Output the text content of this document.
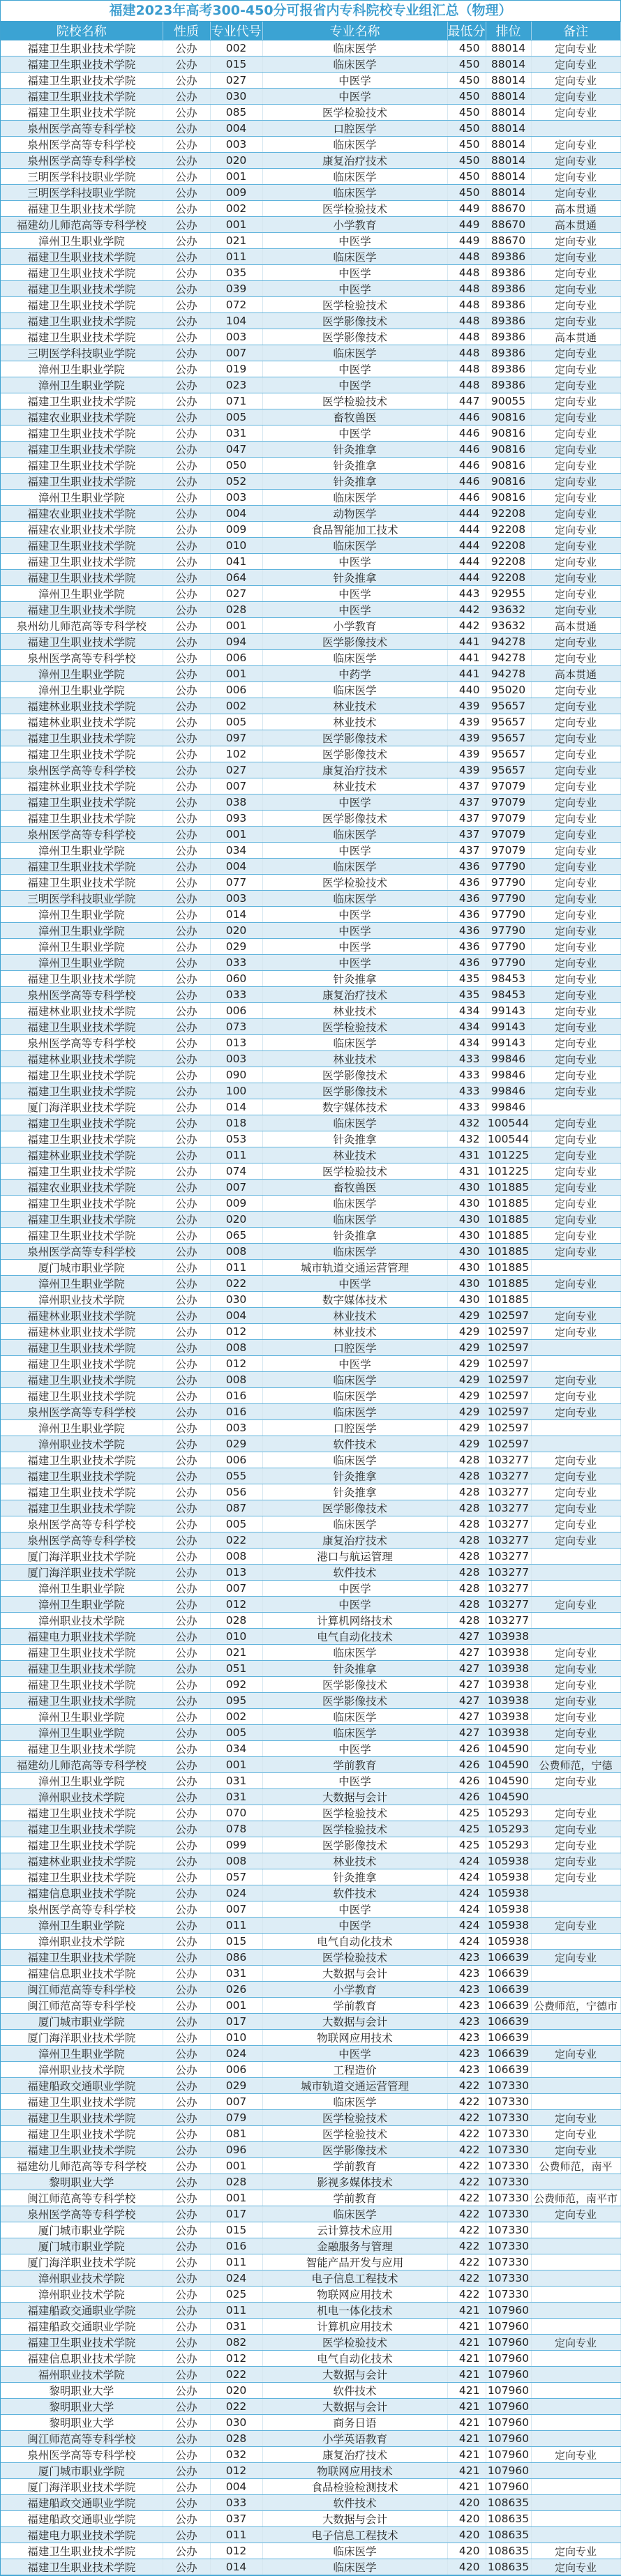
福建2023年高考300-450分可报省内专科院校专业组汇总（物理）
院校名称	性质	专业代号	专业名称	最低分	排位	备注
福建卫生职业技术学院	公办	002	临床医学	450	88014	定向专业
福建卫生职业技术学院	公办	015	临床医学	450	88014	定向专业
福建卫生职业技术学院	公办	027	中医学	450	88014	定向专业
福建卫生职业技术学院	公办	030	中医学	450	88014	定向专业
福建卫生职业技术学院	公办	085	医学检验技术	450	88014	定向专业
泉州医学高等专科学校	公办	004	口腔医学	450	88014	
泉州医学高等专科学校	公办	003	临床医学	450	88014	定向专业
泉州医学高等专科学校	公办	020	康复治疗技术	450	88014	定向专业
三明医学科技职业学院	公办	001	临床医学	450	88014	定向专业
三明医学科技职业学院	公办	009	临床医学	450	88014	定向专业
福建卫生职业技术学院	公办	002	医学检验技术	449	88670	高本贯通
福建幼儿师范高等专科学校	公办	001	小学教育	449	88670	高本贯通
漳州卫生职业学院	公办	021	中医学	449	88670	定向专业
福建卫生职业技术学院	公办	011	临床医学	448	89386	定向专业
福建卫生职业技术学院	公办	035	中医学	448	89386	定向专业
福建卫生职业技术学院	公办	039	中医学	448	89386	定向专业
福建卫生职业技术学院	公办	072	医学检验技术	448	89386	定向专业
福建卫生职业技术学院	公办	104	医学影像技术	448	89386	定向专业
福建卫生职业技术学院	公办	003	医学影像技术	448	89386	高本贯通
三明医学科技职业学院	公办	007	临床医学	448	89386	定向专业
漳州卫生职业学院	公办	019	中医学	448	89386	定向专业
漳州卫生职业学院	公办	023	中医学	448	89386	定向专业
福建卫生职业技术学院	公办	071	医学检验技术	447	90055	定向专业
福建农业职业技术学院	公办	005	畜牧兽医	446	90816	定向专业
福建卫生职业技术学院	公办	031	中医学	446	90816	定向专业
福建卫生职业技术学院	公办	047	针灸推拿	446	90816	定向专业
福建卫生职业技术学院	公办	050	针灸推拿	446	90816	定向专业
福建卫生职业技术学院	公办	052	针灸推拿	446	90816	定向专业
漳州卫生职业学院	公办	003	临床医学	446	90816	定向专业
福建农业职业技术学院	公办	004	动物医学	444	92208	定向专业
福建农业职业技术学院	公办	009	食品智能加工技术	444	92208	定向专业
福建卫生职业技术学院	公办	010	临床医学	444	92208	定向专业
福建卫生职业技术学院	公办	041	中医学	444	92208	定向专业
福建卫生职业技术学院	公办	064	针灸推拿	444	92208	定向专业
漳州卫生职业学院	公办	027	中医学	443	92955	定向专业
福建卫生职业技术学院	公办	028	中医学	442	93632	定向专业
泉州幼儿师范高等专科学校	公办	001	小学教育	442	93632	高本贯通
福建卫生职业技术学院	公办	094	医学影像技术	441	94278	定向专业
泉州医学高等专科学校	公办	006	临床医学	441	94278	定向专业
漳州卫生职业学院	公办	001	中药学	441	94278	高本贯通
漳州卫生职业学院	公办	006	临床医学	440	95020	定向专业
福建林业职业技术学院	公办	002	林业技术	439	95657	定向专业
福建林业职业技术学院	公办	005	林业技术	439	95657	定向专业
福建卫生职业技术学院	公办	097	医学影像技术	439	95657	定向专业
福建卫生职业技术学院	公办	102	医学影像技术	439	95657	定向专业
泉州医学高等专科学校	公办	027	康复治疗技术	439	95657	定向专业
福建林业职业技术学院	公办	007	林业技术	437	97079	定向专业
福建卫生职业技术学院	公办	038	中医学	437	97079	定向专业
福建卫生职业技术学院	公办	093	医学影像技术	437	97079	定向专业
泉州医学高等专科学校	公办	001	临床医学	437	97079	定向专业
漳州卫生职业学院	公办	034	中医学	437	97079	定向专业
福建卫生职业技术学院	公办	004	临床医学	436	97790	定向专业
福建卫生职业技术学院	公办	077	医学检验技术	436	97790	定向专业
三明医学科技职业学院	公办	003	临床医学	436	97790	定向专业
漳州卫生职业学院	公办	014	中医学	436	97790	定向专业
漳州卫生职业学院	公办	020	中医学	436	97790	定向专业
漳州卫生职业学院	公办	029	中医学	436	97790	定向专业
漳州卫生职业学院	公办	033	中医学	436	97790	定向专业
福建卫生职业技术学院	公办	060	针灸推拿	435	98453	定向专业
泉州医学高等专科学校	公办	033	康复治疗技术	435	98453	定向专业
福建林业职业技术学院	公办	006	林业技术	434	99143	定向专业
福建卫生职业技术学院	公办	073	医学检验技术	434	99143	定向专业
泉州医学高等专科学校	公办	013	临床医学	434	99143	定向专业
福建林业职业技术学院	公办	003	林业技术	433	99846	定向专业
福建卫生职业技术学院	公办	090	医学影像技术	433	99846	定向专业
福建卫生职业技术学院	公办	100	医学影像技术	433	99846	定向专业
厦门海洋职业技术学院	公办	014	数字媒体技术	433	99846	
福建卫生职业技术学院	公办	018	临床医学	432	100544	定向专业
福建卫生职业技术学院	公办	053	针灸推拿	432	100544	定向专业
福建林业职业技术学院	公办	011	林业技术	431	101225	定向专业
福建卫生职业技术学院	公办	074	医学检验技术	431	101225	定向专业
福建农业职业技术学院	公办	007	畜牧兽医	430	101885	定向专业
福建卫生职业技术学院	公办	009	临床医学	430	101885	定向专业
福建卫生职业技术学院	公办	020	临床医学	430	101885	定向专业
福建卫生职业技术学院	公办	065	针灸推拿	430	101885	定向专业
泉州医学高等专科学校	公办	008	临床医学	430	101885	定向专业
厦门城市职业学院	公办	011	城市轨道交通运营管理	430	101885	
漳州卫生职业学院	公办	022	中医学	430	101885	定向专业
漳州职业技术学院	公办	030	数字媒体技术	430	101885	
福建林业职业技术学院	公办	004	林业技术	429	102597	定向专业
福建林业职业技术学院	公办	012	林业技术	429	102597	定向专业
福建卫生职业技术学院	公办	008	口腔医学	429	102597	
福建卫生职业技术学院	公办	012	中医学	429	102597	
福建卫生职业技术学院	公办	008	临床医学	429	102597	定向专业
福建卫生职业技术学院	公办	016	临床医学	429	102597	定向专业
泉州医学高等专科学校	公办	016	临床医学	429	102597	定向专业
漳州卫生职业学院	公办	003	口腔医学	429	102597	
漳州职业技术学院	公办	029	软件技术	429	102597	
福建卫生职业技术学院	公办	006	临床医学	428	103277	定向专业
福建卫生职业技术学院	公办	055	针灸推拿	428	103277	定向专业
福建卫生职业技术学院	公办	056	针灸推拿	428	103277	定向专业
福建卫生职业技术学院	公办	087	医学影像技术	428	103277	定向专业
泉州医学高等专科学校	公办	005	临床医学	428	103277	定向专业
泉州医学高等专科学校	公办	022	康复治疗技术	428	103277	定向专业
厦门海洋职业技术学院	公办	008	港口与航运管理	428	103277	
厦门海洋职业技术学院	公办	013	软件技术	428	103277	
漳州卫生职业学院	公办	007	中医学	428	103277	
漳州卫生职业学院	公办	012	中医学	428	103277	定向专业
漳州职业技术学院	公办	028	计算机网络技术	428	103277	
福建电力职业技术学院	公办	010	电气自动化技术	427	103938	
福建卫生职业技术学院	公办	021	临床医学	427	103938	定向专业
福建卫生职业技术学院	公办	051	针灸推拿	427	103938	定向专业
福建卫生职业技术学院	公办	092	医学影像技术	427	103938	定向专业
福建卫生职业技术学院	公办	095	医学影像技术	427	103938	定向专业
漳州卫生职业学院	公办	002	临床医学	427	103938	定向专业
漳州卫生职业学院	公办	005	临床医学	427	103938	定向专业
福建卫生职业技术学院	公办	034	中医学	426	104590	定向专业
福建幼儿师范高等专科学校	公办	001	学前教育	426	104590	公费师范，宁德
漳州卫生职业学院	公办	031	中医学	426	104590	定向专业
漳州职业技术学院	公办	031	大数据与会计	426	104590	
福建卫生职业技术学院	公办	070	医学检验技术	425	105293	定向专业
福建卫生职业技术学院	公办	078	医学检验技术	425	105293	定向专业
福建卫生职业技术学院	公办	099	医学影像技术	425	105293	定向专业
福建林业职业技术学院	公办	008	林业技术	424	105938	定向专业
福建卫生职业技术学院	公办	057	针灸推拿	424	105938	定向专业
福建信息职业技术学院	公办	024	软件技术	424	105938	
泉州医学高等专科学校	公办	007	中医学	424	105938	
漳州卫生职业学院	公办	011	中医学	424	105938	定向专业
漳州职业技术学院	公办	015	电气自动化技术	424	105938	
福建卫生职业技术学院	公办	086	医学检验技术	423	106639	定向专业
福建信息职业技术学院	公办	031	大数据与会计	423	106639	
闽江师范高等专科学校	公办	026	小学教育	423	106639	
闽江师范高等专科学校	公办	001	学前教育	423	106639	公费师范，宁德市
厦门城市职业学院	公办	017	大数据与会计	423	106639	
厦门海洋职业技术学院	公办	010	物联网应用技术	423	106639	
漳州卫生职业学院	公办	024	中医学	423	106639	定向专业
漳州职业技术学院	公办	006	工程造价	423	106639	
福建船政交通职业学院	公办	029	城市轨道交通运营管理	422	107330	
福建卫生职业技术学院	公办	007	临床医学	422	107330	
福建卫生职业技术学院	公办	079	医学检验技术	422	107330	定向专业
福建卫生职业技术学院	公办	081	医学检验技术	422	107330	定向专业
福建卫生职业技术学院	公办	096	医学影像技术	422	107330	定向专业
福建幼儿师范高等专科学校	公办	001	学前教育	422	107330	公费师范，南平
黎明职业大学	公办	028	影视多媒体技术	422	107330	
闽江师范高等专科学校	公办	001	学前教育	422	107330	公费师范，南平市
泉州医学高等专科学校	公办	017	临床医学	422	107330	定向专业
厦门城市职业学院	公办	015	云计算技术应用	422	107330	
厦门城市职业学院	公办	016	金融服务与管理	422	107330	
厦门海洋职业技术学院	公办	011	智能产品开发与应用	422	107330	
漳州职业技术学院	公办	024	电子信息工程技术	422	107330	
漳州职业技术学院	公办	025	物联网应用技术	422	107330	
福建船政交通职业学院	公办	011	机电一体化技术	421	107960	
福建船政交通职业学院	公办	031	计算机应用技术	421	107960	
福建卫生职业技术学院	公办	082	医学检验技术	421	107960	定向专业
福建信息职业技术学院	公办	012	电气自动化技术	421	107960	
福州职业技术学院	公办	022	大数据与会计	421	107960	
黎明职业大学	公办	020	软件技术	421	107960	
黎明职业大学	公办	022	大数据与会计	421	107960	
黎明职业大学	公办	030	商务日语	421	107960	
闽江师范高等专科学校	公办	028	小学英语教育	421	107960	
泉州医学高等专科学校	公办	032	康复治疗技术	421	107960	定向专业
厦门城市职业学院	公办	012	物联网应用技术	421	107960	
厦门海洋职业技术学院	公办	004	食品检验检测技术	421	107960	
福建船政交通职业学院	公办	033	软件技术	420	108635	
福建船政交通职业学院	公办	037	大数据与会计	420	108635	
福建电力职业技术学院	公办	011	电子信息工程技术	420	108635	
福建卫生职业技术学院	公办	012	临床医学	420	108635	定向专业
福建卫生职业技术学院	公办	014	临床医学	420	108635	定向专业
